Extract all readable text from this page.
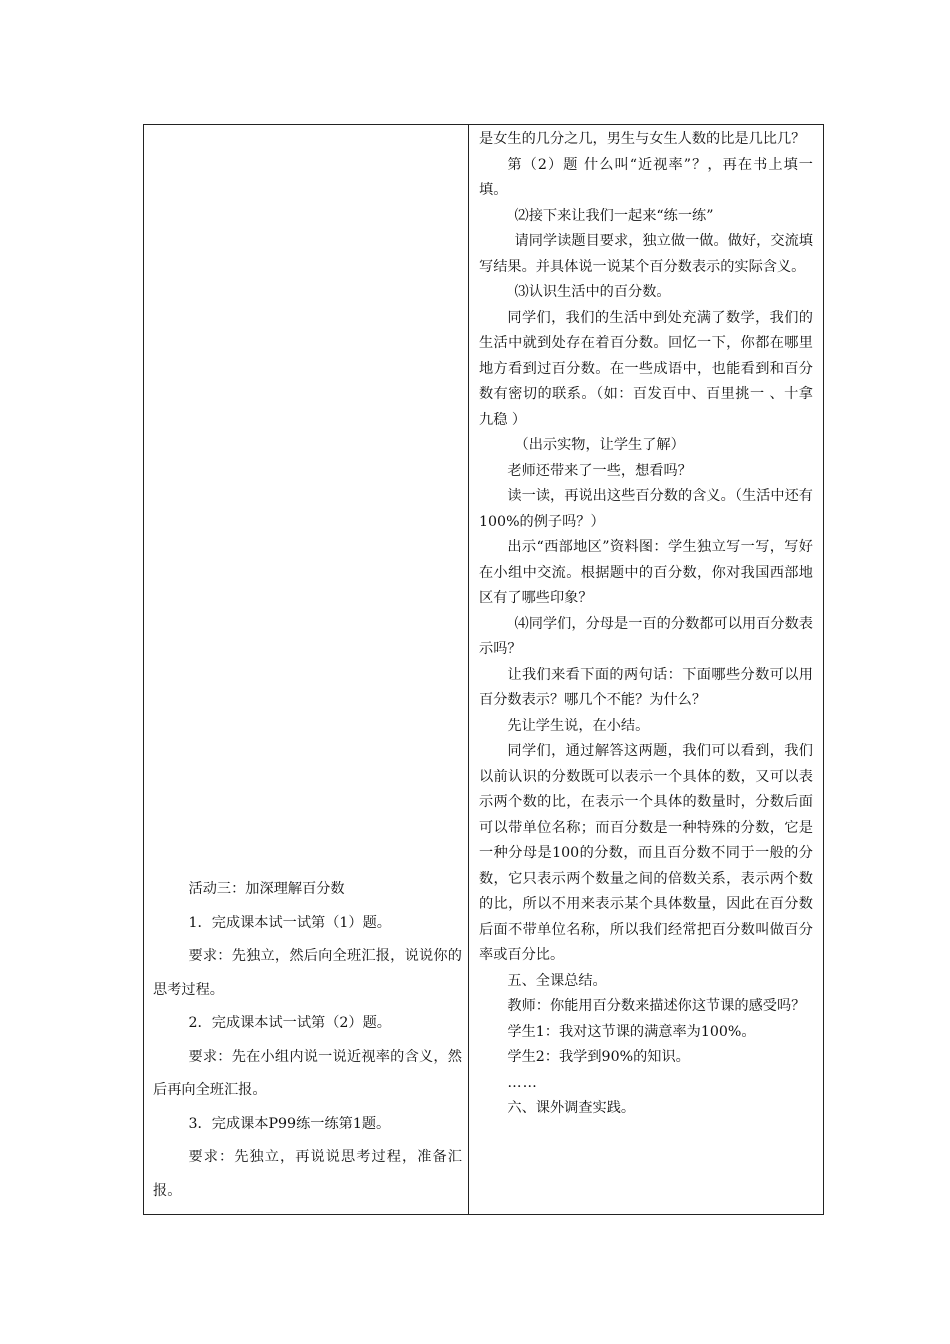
活动三：加深理解百分数

1．完成课本试一试第（1）题。

要求：先独立，然后向全班汇报，说说你的思考过程。

2．完成课本试一试第（2）题。

要求：先在小组内说一说近视率的含义，然后再向全班汇报。

3．完成课本P99练一练第1题。

要求：先独立，再说说思考过程，准备汇报。

是女生的几分之几，男生与女生人数的比是几比几？

第（2）题 什么叫“近视率”？，再在书上填一填。

⑵接下来让我们一起来“练一练”

请同学读题目要求，独立做一做。做好，交流填写结果。并具体说一说某个百分数表示的实际含义。

⑶认识生活中的百分数。

同学们，我们的生活中到处充满了数学，我们的生活中就到处存在着百分数。回忆一下，你都在哪里地方看到过百分数。在一些成语中，也能看到和百分数有密切的联系。（如：百发百中、百里挑一 、十拿九稳 ）

（出示实物，让学生了解）

老师还带来了一些，想看吗？

读一读，再说出这些百分数的含义。（生活中还有100%的例子吗？）

出示“西部地区”资料图：学生独立写一写，写好在小组中交流。根据题中的百分数，你对我国西部地区有了哪些印象？

⑷同学们，分母是一百的分数都可以用百分数表示吗？

让我们来看下面的两句话：下面哪些分数可以用百分数表示？哪几个不能？为什么？

先让学生说，在小结。

同学们，通过解答这两题，我们可以看到，我们以前认识的分数既可以表示一个具体的数，又可以表示两个数的比，在表示一个具体的数量时，分数后面可以带单位名称；而百分数是一种特殊的分数，它是一种分母是100的分数，而且百分数不同于一般的分数，它只表示两个数量之间的倍数关系，表示两个数的比，所以不用来表示某个具体数量，因此在百分数后面不带单位名称，所以我们经常把百分数叫做百分率或百分比。

五、全课总结。

教师：你能用百分数来描述你这节课的感受吗？

学生1：我对这节课的满意率为100%。

学生2：我学到90%的知识。

……

六、课外调查实践。
